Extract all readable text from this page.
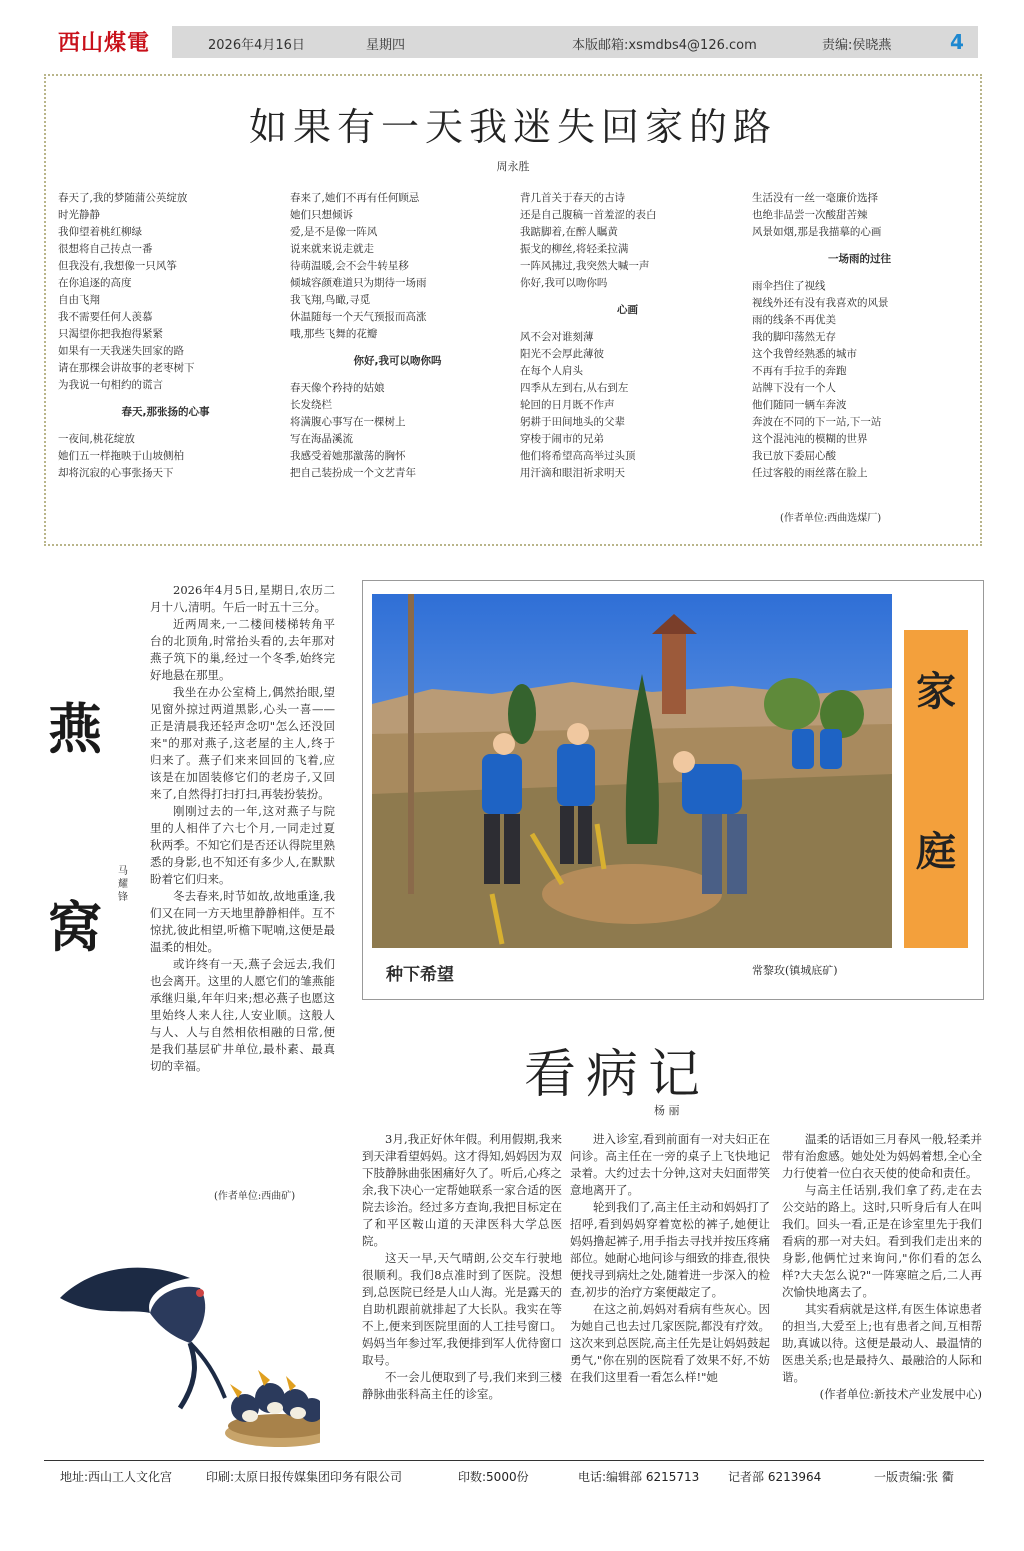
西山煤電	2026年4月16日	星期四	本版邮箱:xsmdbs4@126.com	责编:侯晓燕	4
如果有一天我迷失回家的路
周永胜
春天了,我的梦随蒲公英绽放
时光静静
我仰望着桃红柳绿
很想将自己抟点一番
但我没有,我想像一只风筝
在你追逐的高度
自由飞翔
我不需要任何人羡慕
只渴望你把我抱得紧紧
如果有一天我迷失回家的路
请在那棵会讲故事的老枣树下
为我说一句相约的谎言
春天,那张扬的心事
一夜间,桃花绽放
她们五一样拖映于山坡侧柏
却将沉寂的心事张扬天下
春来了,她们不再有任何顾忌
她们只想倾诉
爱,是不是像一阵风
说来就来说走就走
待萌温暖,会不会牛转星移
倾城容颜难道只为期待一场雨
我飞翔,鸟瞰,寻觅
休温随每一个天气预报而高涨
哦,那些飞舞的花瓣
你好,我可以吻你吗
春天像个矜持的姑娘
长发绕栏
将满腹心事写在一棵树上
写在海晶溪流
我感受着她那激荡的胸怀
把自己装扮成一个文艺青年
背几首关于春天的古诗
还是自己腹稿一首羞涩的表白
我踮脚着,在醉人瞩黄
振戈的柳丝,将轻柔拉满
一阵风拂过,我突然大喊一声
你好,我可以吻你吗
心画
风不会对谁刻薄
阳光不会厚此薄彼
在每个人肩头
四季从左到右,从右到左
轮回的日月既不作声
躬耕于田间地头的父辈
穿梭于闹市的兄弟
他们将希望高高举过头顶
用汗滴和眼泪祈求明天
生活没有一丝一毫廉价选择
也绝非品尝一次酸甜苦辣
风景如烟,那是我描摹的心画
一场雨的过往
雨伞挡住了视线
视线外还有没有我喜欢的风景
雨的线条不再优美
我的脚印荡然无存
这个我曾经熟悉的城市
不再有手拉手的奔跑
站牌下没有一个人
他们随同一辆车奔波
奔波在不同的下一站,下一站
这个混沌沌的模糊的世界
我已放下委屈心酸
任过客般的雨丝落在脸上
(作者单位:西曲选煤厂)
燕
窝
马耀锋

2026年4月5日,星期日,农历二月十八,清明。午后一时五十三分。

近两周来,一二楼间楼梯转角平台的北顶角,时常抬头看的,去年那对燕子筑下的巢,经过一个冬季,始终完好地悬在那里。

我坐在办公室椅上,偶然抬眼,望见窗外掠过两道黑影,心头一喜——正是清晨我还轻声念叨"怎么还没回来"的那对燕子,这老屋的主人,终于归来了。燕子们来来回回的飞着,应该是在加固装修它们的老房子,又回来了,自然得打扫打扫,再装扮装扮。

刚刚过去的一年,这对燕子与院里的人相伴了六七个月,一同走过夏秋两季。不知它们是否还认得院里熟悉的身影,也不知还有多少人,在默默盼着它们归来。

冬去春来,时节如故,故地重逢,我们又在同一方天地里静静相伴。互不惊扰,彼此相望,听檐下呢喃,这便是最温柔的相处。

或许终有一天,燕子会远去,我们也会离开。这里的人愿它们的雏燕能承继归巢,年年归来;想必燕子也愿这里始终人来人往,人安业顺。这般人与人、人与自然相依相融的日常,便是我们基层矿井单位,最朴素、最真切的幸福。

(作者单位:西曲矿)
家
庭
种下希望	常黎玫(镇城底矿)
看病记
杨 丽

3月,我正好休年假。利用假期,我来到天津看望妈妈。这才得知,妈妈因为双下肢静脉曲张困痛好久了。听后,心疼之余,我下决心一定帮她联系一家合适的医院去诊治。经过多方查询,我把目标定在了和平区鞍山道的天津医科大学总医院。

这天一早,天气晴朗,公交车行驶地很顺利。我们8点准时到了医院。没想到,总医院已经是人山人海。光是露天的自助机跟前就排起了大长队。我实在等不上,便来到医院里面的人工挂号窗口。妈妈当年参过军,我便排到军人优待窗口取号。

不一会儿便取到了号,我们来到三楼静脉曲张科高主任的诊室。

进入诊室,看到前面有一对夫妇正在问诊。高主任在一旁的桌子上飞快地记录着。大约过去十分钟,这对夫妇面带笑意地离开了。

轮到我们了,高主任主动和妈妈打了招呼,看到妈妈穿着宽松的裤子,她便让妈妈撸起裤子,用手指去寻找并按压疼痛部位。她耐心地问诊与细致的排查,很快便找寻到病灶之处,随着进一步深入的检查,初步的治疗方案便敲定了。

在这之前,妈妈对看病有些灰心。因为她自己也去过几家医院,都没有疗效。这次来到总医院,高主任先是让妈妈鼓起勇气,"你在别的医院看了效果不好,不妨在我们这里看一看怎么样!"她

温柔的话语如三月春风一般,轻柔并带有治愈感。她处处为妈妈着想,全心全力行使着一位白衣天使的使命和责任。

与高主任话别,我们拿了药,走在去公交站的路上。这时,只听身后有人在叫我们。回头一看,正是在诊室里先于我们看病的那一对夫妇。看到我们走出来的身影,他俩忙过来询问,"你们看的怎么样?大夫怎么说?"一阵寒暄之后,二人再次愉快地离去了。

其实看病就是这样,有医生体谅患者的担当,大爱至上;也有患者之间,互相帮助,真诚以待。这便是最动人、最温情的医患关系;也是最持久、最融洽的人际和谐。

(作者单位:新技术产业发展中心)

地址:西山工人文化宫	印刷:太原日报传媒集团印务有限公司	印数:5000份	电话:编辑部 6215713 记者部 6213964	一版责编:张 衢
